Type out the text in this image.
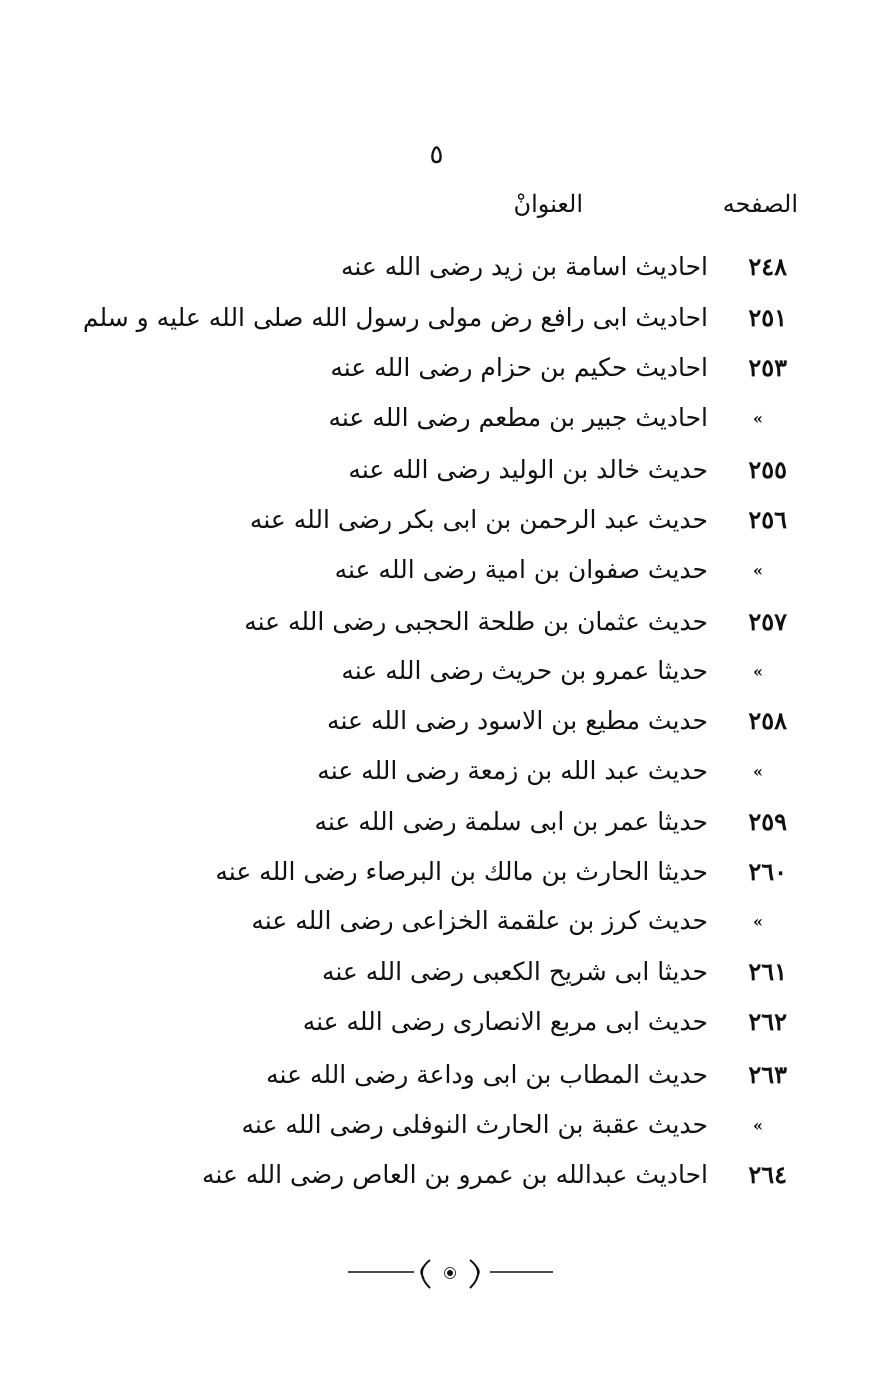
٥
الصفحه
العنوانْ
٢٤٨
احاديث اسامة بن زيد رضى الله عنه
٢٥١
احاديث ابى رافع رض مولى رسول الله صلى الله عليه و سلم
٢٥٣
احاديث حكيم بن حزام رضى الله عنه
»
احاديث جبير بن مطعم رضى الله عنه
٢٥٥
حديث خالد بن الوليد رضى الله عنه
٢٥٦
حديث عبد الرحمن بن ابى بكر رضى الله عنه
»
حديث صفوان بن امية رضى الله عنه
٢٥٧
حديث عثمان بن طلحة الحجبى رضى الله عنه
»
حديثا عمرو بن حريث رضى الله عنه
٢٥٨
حديث مطيع بن الاسود رضى الله عنه
»
حديث عبد الله بن زمعة رضى الله عنه
٢٥٩
حديثا عمر بن ابى سلمة رضى الله عنه
٢٦٠
حديثا الحارث بن مالك بن البرصاء رضى الله عنه
»
حديث كرز بن علقمة الخزاعى رضى الله عنه
٢٦١
حديثا ابى شريح الكعبى رضى الله عنه
٢٦٢
حديث ابى مربع الانصارى رضى الله عنه
٢٦٣
حديث المطاب بن ابى وداعة رضى الله عنه
»
حديث عقبة بن الحارث النوفلى رضى الله عنه
٢٦٤
احاديث عبدالله بن عمرو بن العاص رضى الله عنه
